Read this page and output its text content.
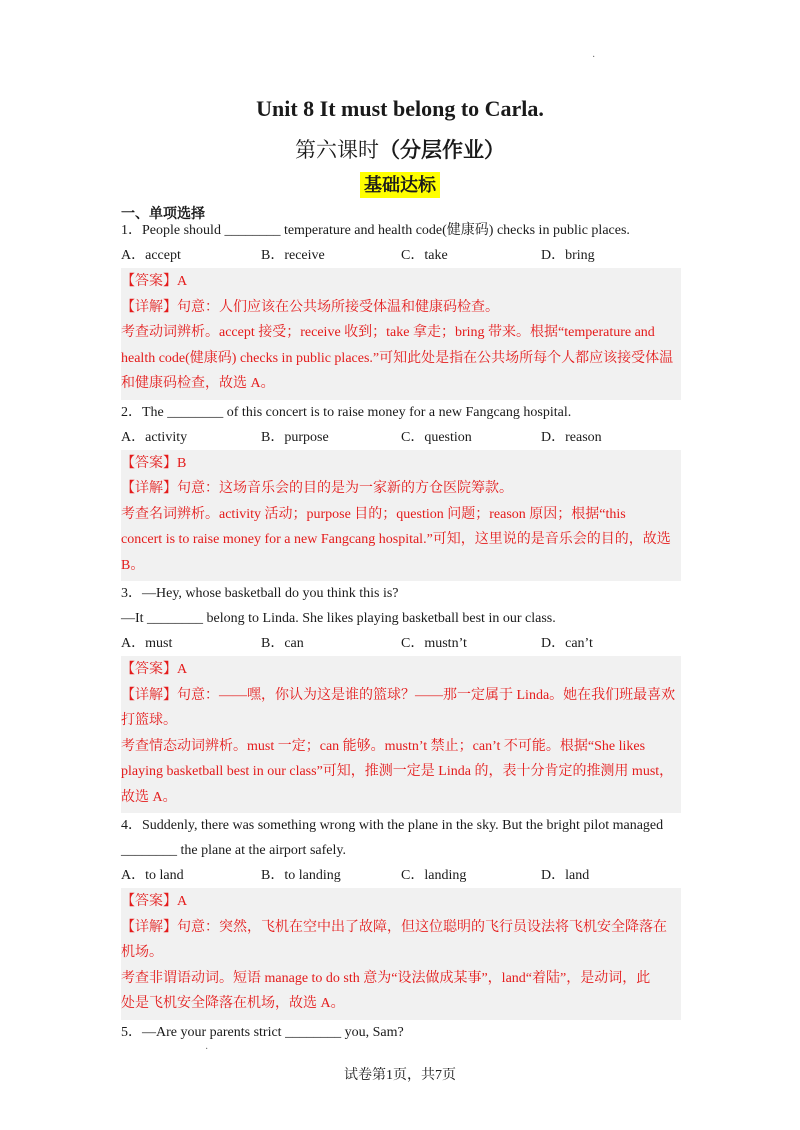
·
·
Unit 8 It must belong to Carla.
第六课时（分层作业）
基础达标
一、单项选择

1．People should ________ temperature and health code(健康码) checks in public places.

A．accept	B．receive	C．take	D．bring

【答案】A

【详解】句意：人们应该在公共场所接受体温和健康码检查。

考查动词辨析。accept 接受；receive 收到；take 拿走；bring 带来。根据“temperature and

health code(健康码) checks in public places.”可知此处是指在公共场所每个人都应该接受体温

和健康码检查，故选 A。

2．The ________ of this concert is to raise money for a new Fangcang hospital.

A．activity	B．purpose	C．question	D．reason

【答案】B

【详解】句意：这场音乐会的目的是为一家新的方仓医院筹款。

考查名词辨析。activity 活动；purpose 目的；question 问题；reason 原因；根据“this

concert is to raise money for a new Fangcang hospital.”可知，这里说的是音乐会的目的，故选

B。

3．—Hey, whose basketball do you think this is?

—It ________ belong to Linda. She likes playing basketball best in our class.

A．must	B．can	C．mustn’t	D．can’t

【答案】A

【详解】句意：——嘿，你认为这是谁的篮球？——那一定属于 Linda。她在我们班最喜欢

打篮球。

考查情态动词辨析。must 一定；can 能够。mustn’t 禁止；can’t 不可能。根据“She likes

playing basketball best in our class”可知，推测一定是 Linda 的，表十分肯定的推测用 must，

故选 A。

4．Suddenly, there was something wrong with the plane in the sky. But the bright pilot managed

________ the plane at the airport safely.

A．to land	B．to landing	C．landing	D．land

【答案】A

【详解】句意：突然，飞机在空中出了故障，但这位聪明的飞行员设法将飞机安全降落在

机场。

考查非谓语动词。短语 manage to do sth 意为“设法做成某事”，land“着陆”，是动词，此

处是飞机安全降落在机场，故选 A。

5．—Are your parents strict ________ you, Sam?

试卷第1页，共7页
